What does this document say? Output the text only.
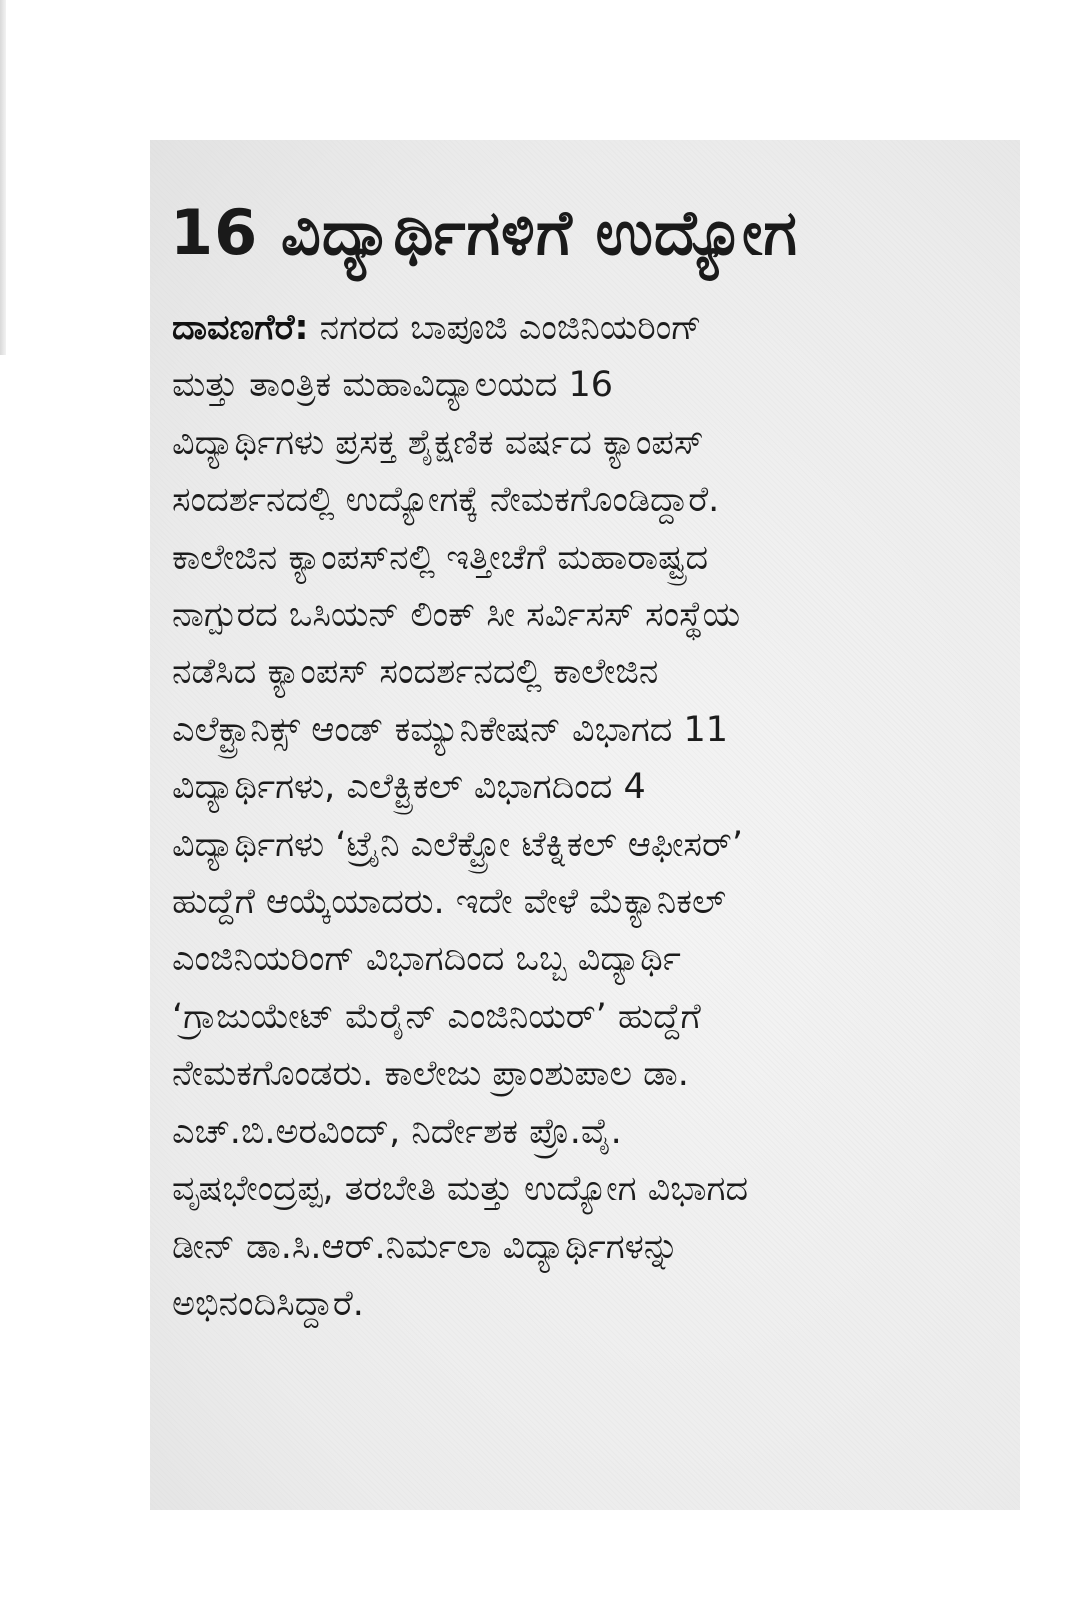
16 ವಿದ್ಯಾರ್ಥಿಗಳಿಗೆ ಉದ್ಯೋಗ
ದಾವಣಗೆರೆ: ನಗರದ ಬಾಪೂಜಿ ಎಂಜಿನಿಯರಿಂಗ್
ಮತ್ತು ತಾಂತ್ರಿಕ ಮಹಾವಿದ್ಯಾಲಯದ 16
ವಿದ್ಯಾರ್ಥಿಗಳು ಪ್ರಸಕ್ತ ಶೈಕ್ಷಣಿಕ ವರ್ಷದ ಕ್ಯಾಂಪಸ್
ಸಂದರ್ಶನದಲ್ಲಿ ಉದ್ಯೋಗಕ್ಕೆ ನೇಮಕಗೊಂಡಿದ್ದಾರೆ.
ಕಾಲೇಜಿನ ಕ್ಯಾಂಪಸ್‌ನಲ್ಲಿ ಇತ್ತೀಚೆಗೆ ಮಹಾರಾಷ್ಟ್ರದ
ನಾಗ್ಪುರದ ಒಸಿಯನ್ ಲಿಂಕ್ ಸೀ ಸರ್ವಿಸಸ್ ಸಂಸ್ಥೆಯ
ನಡೆಸಿದ ಕ್ಯಾಂಪಸ್ ಸಂದರ್ಶನದಲ್ಲಿ ಕಾಲೇಜಿನ
ಎಲೆಕ್ಟ್ರಾನಿಕ್ಸ್ ಆಂಡ್ ಕಮ್ಯುನಿಕೇಷನ್ ವಿಭಾಗದ 11
ವಿದ್ಯಾರ್ಥಿಗಳು, ಎಲೆಕ್ಟ್ರಿಕಲ್ ವಿಭಾಗದಿಂದ 4
ವಿದ್ಯಾರ್ಥಿಗಳು ‘ಟ್ರೈನಿ ಎಲೆಕ್ಟ್ರೋ ಟೆಕ್ನಿಕಲ್ ಆಫೀಸರ್’
ಹುದ್ದೆಗೆ ಆಯ್ಕೆಯಾದರು. ಇದೇ ವೇಳೆ ಮೆಕ್ಯಾನಿಕಲ್
ಎಂಜಿನಿಯರಿಂಗ್ ವಿಭಾಗದಿಂದ ಒಬ್ಬ ವಿದ್ಯಾರ್ಥಿ
‘ಗ್ರಾಜುಯೇಟ್ ಮೆರೈನ್ ಎಂಜಿನಿಯರ್’ ಹುದ್ದೆಗೆ
ನೇಮಕಗೊಂಡರು. ಕಾಲೇಜು ಪ್ರಾಂಶುಪಾಲ ಡಾ.
ಎಚ್.ಬಿ.ಅರವಿಂದ್, ನಿರ್ದೇಶಕ ಪ್ರೊ.ವೈ.
ವೃಷಭೇಂದ್ರಪ್ಪ, ತರಬೇತಿ ಮತ್ತು ಉದ್ಯೋಗ ವಿಭಾಗದ
ಡೀನ್ ಡಾ.ಸಿ.ಆರ್.ನಿರ್ಮಲಾ ವಿದ್ಯಾರ್ಥಿಗಳನ್ನು
ಅಭಿನಂದಿಸಿದ್ದಾರೆ.
